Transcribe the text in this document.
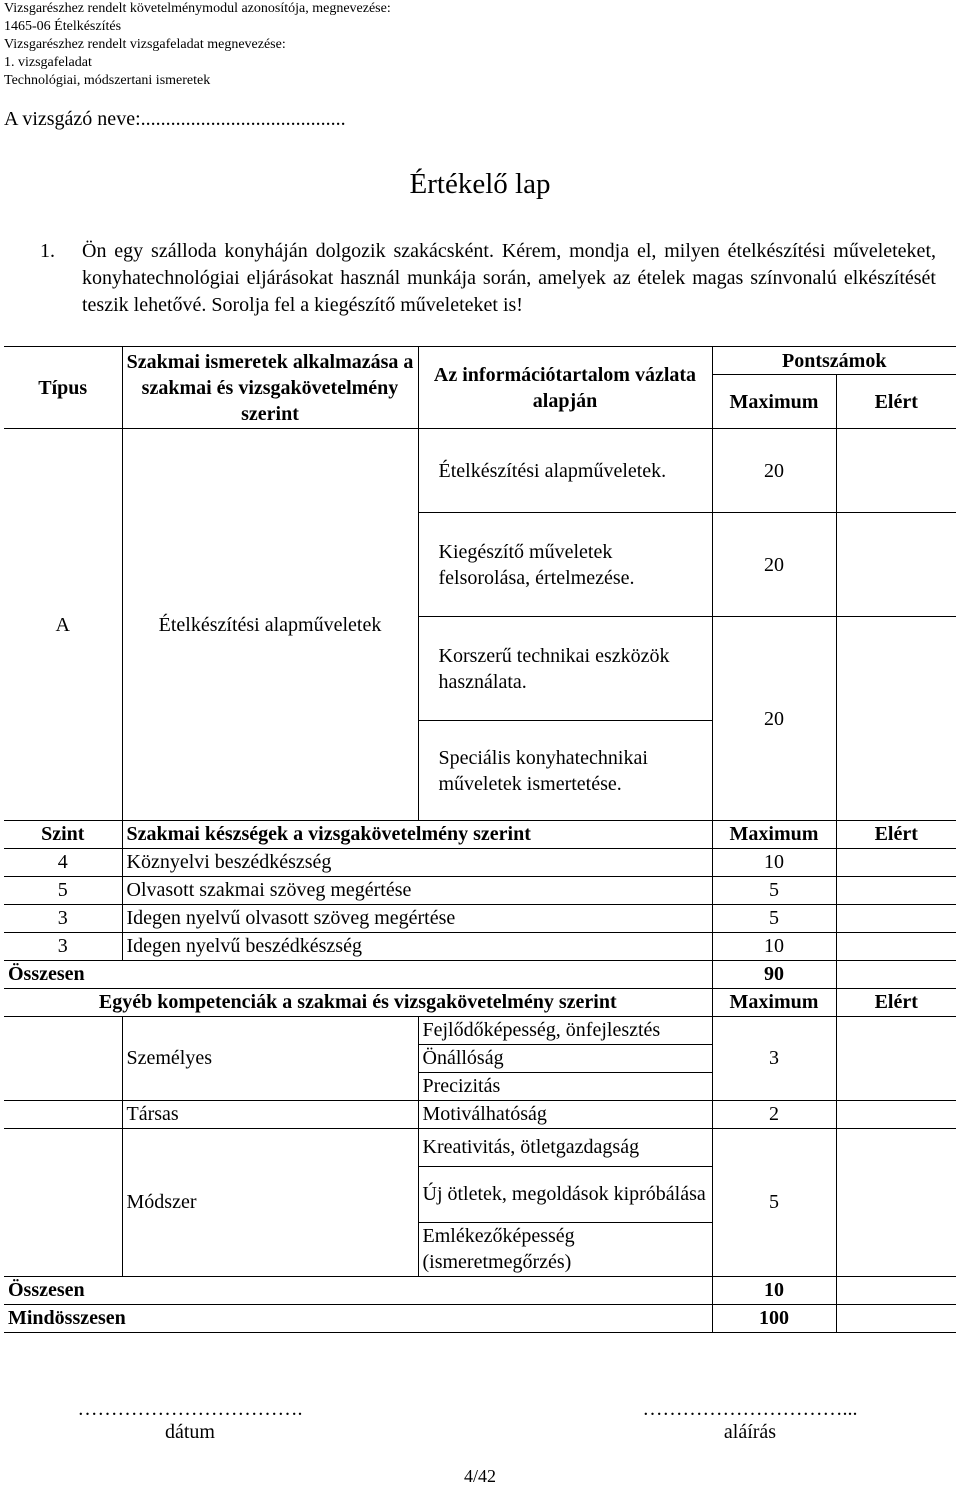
Vizsgarészhez rendelt követelménymodul azonosítója, megnevezése:
1465-06 Ételkészítés
Vizsgarészhez rendelt vizsgafeladat megnevezése:
1. vizsgafeladat
Technológiai, módszertani ismeretek
A vizsgázó neve:.........................................
Értékelő lap
1. Ön egy szálloda konyháján dolgozik szakácsként. Kérem, mondja el, milyen ételkészítési műveleteket, konyhatechnológiai eljárásokat használ munkája során, amelyek az ételek magas színvonalú elkészítését teszik lehetővé. Sorolja fel a kiegészítő műveleteket is!
Típus	Szakmai ismeretek alkalmazása a szakmai és vizsgakövetelmény szerint	Az információtartalom vázlata alapján	Pontszámok	
			Maximum	Elért
A	Ételkészítési alapműveletek	Ételkészítési alapműveletek.	20	
		Kiegészítő műveletek felsorolása, értelmezése.	20	
		Korszerű technikai eszközök használata.	20	
		Speciális konyhatechnikai műveletek ismertetése.		
Szint	Szakmai készségek a vizsgakövetelmény szerint		Maximum	Elért
4	Köznyelvi beszédkészség		10	
5	Olvasott szakmai szöveg megértése		5	
3	Idegen nyelvű olvasott szöveg megértése		5	
3	Idegen nyelvű beszédkészség		10	
Összesen			90	
Egyéb kompetenciák a szakmai és vizsgakövetelmény szerint			Maximum	Elért
	Személyes	Fejlődőképesség, önfejlesztés	3	
		Önállóság		
		Precizitás		
	Társas	Motiválhatóság	2	
	Módszer	Kreativitás, ötletgazdagság	5	
		Új ötletek, megoldások kipróbálása		
		Emlékezőképesség (ismeretmegőrzés)		
Összesen			10	
Mindösszesen			100	
…………………………….
dátum
…………………………...
aláírás
4/42
